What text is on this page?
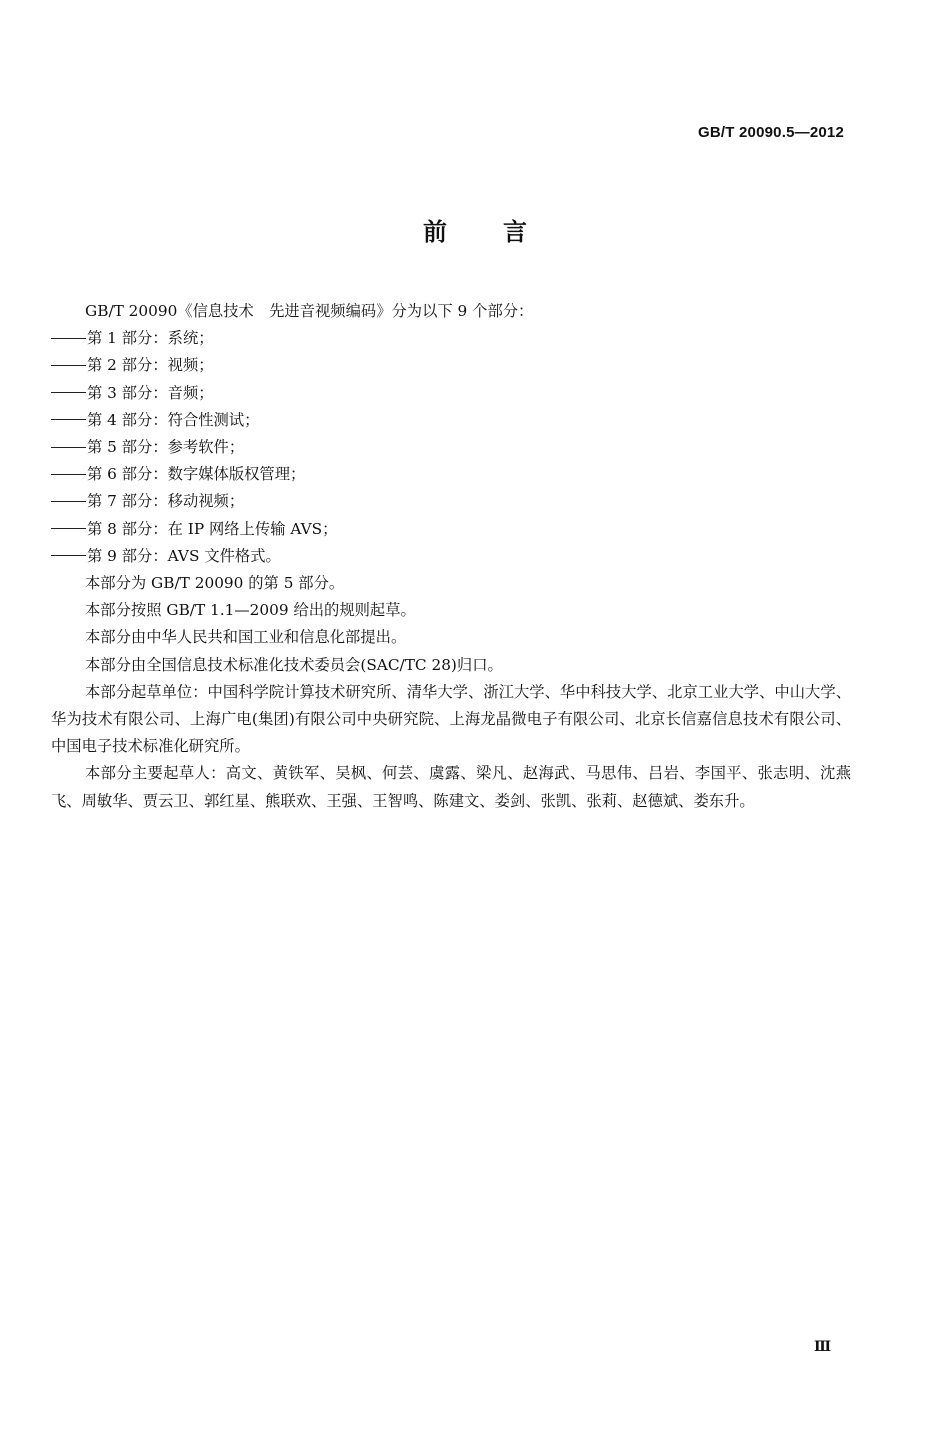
GB/T 20090.5—2012
前言

GB/T 20090《信息技术　先进音视频编码》分为以下 9 个部分：

第 1 部分：系统；

第 2 部分：视频；

第 3 部分：音频；

第 4 部分：符合性测试；

第 5 部分：参考软件；

第 6 部分：数字媒体版权管理；

第 7 部分：移动视频；

第 8 部分：在 IP 网络上传输 AVS；

第 9 部分：AVS 文件格式。

本部分为 GB/T 20090 的第 5 部分。

本部分按照 GB/T 1.1—2009 给出的规则起草。

本部分由中华人民共和国工业和信息化部提出。

本部分由全国信息技术标准化技术委员会(SAC/TC 28)归口。

本部分起草单位：中国科学院计算技术研究所、清华大学、浙江大学、华中科技大学、北京工业大学、中山大学、华为技术有限公司、上海广电(集团)有限公司中央研究院、上海龙晶微电子有限公司、北京长信嘉信息技术有限公司、中国电子技术标准化研究所。

本部分主要起草人：高文、黄铁军、吴枫、何芸、虞露、梁凡、赵海武、马思伟、吕岩、李国平、张志明、沈燕飞、周敏华、贾云卫、郭红星、熊联欢、王强、王智鸣、陈建文、娄剑、张凯、张莉、赵德斌、娄东升。

Ⅲ
